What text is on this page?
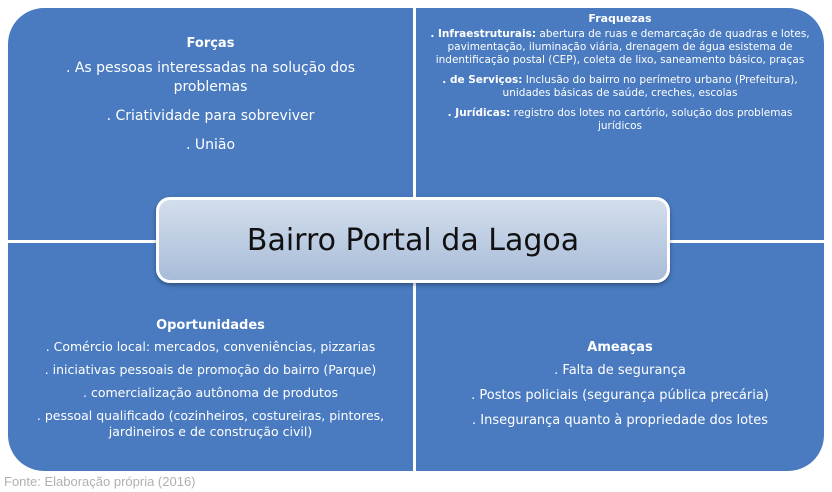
Forças
. As pessoas interessadas na solução dos problemas
. Criatividade para sobreviver
. União
Fraquezas
. Infraestruturais: abertura de ruas e demarcação de quadras e lotes, pavimentação, iluminação viária, drenagem de água esistema de indentificação postal (CEP), coleta de lixo, saneamento básico, praças
. de Serviços: Inclusão do bairro no perímetro urbano (Prefeitura), unidades básicas de saúde, creches, escolas
. Jurídicas: registro dos lotes no cartório, solução dos problemas jurídicos
Oportunidades
. Comércio local: mercados, conveniências, pizzarias
. iniciativas pessoais de promoção do bairro (Parque)
. comercialização autônoma de produtos
. pessoal qualificado (cozinheiros, costureiras, pintores, jardineiros e de construção civil)
Ameaças
. Falta de segurança
. Postos policiais (segurança pública precária)
. Insegurança quanto à propriedade dos lotes
Bairro Portal da Lagoa
Fonte: Elaboração própria (2016)
